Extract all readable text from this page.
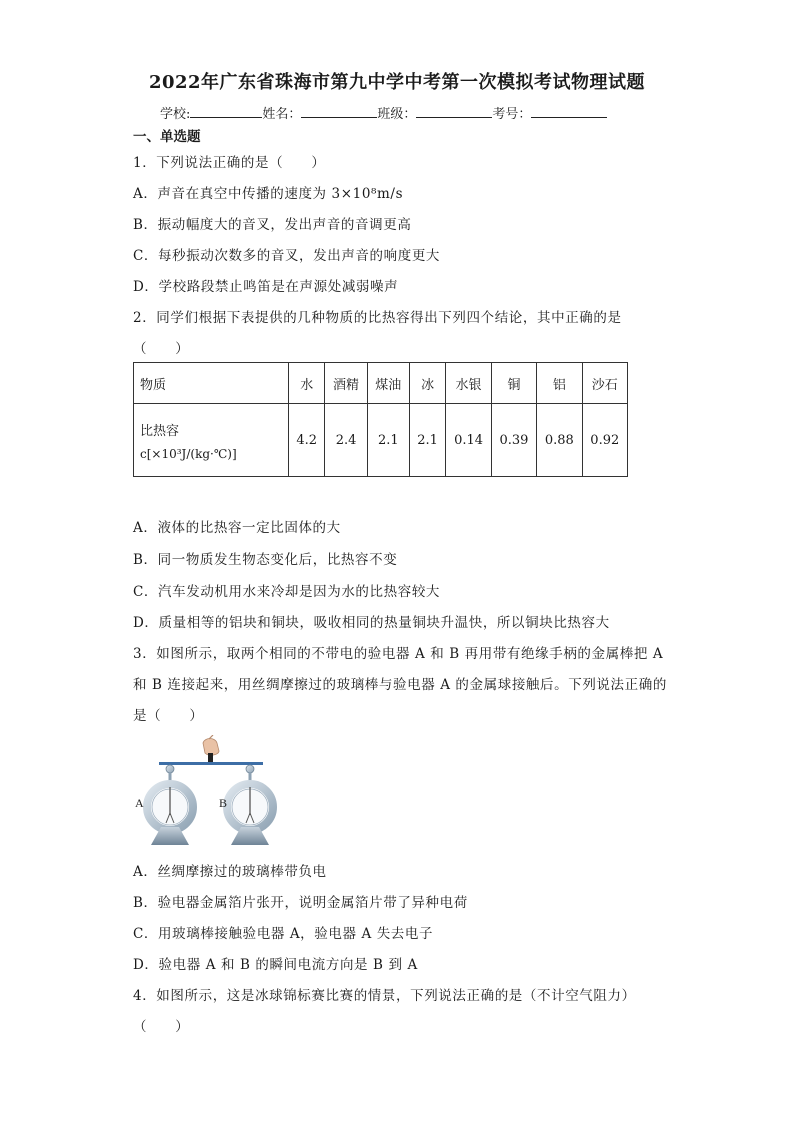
2022年广东省珠海市第九中学中考第一次模拟考试物理试题
学校:	姓名：	班级：	考号：
一、单选题
1．下列说法正确的是（　　）
A．声音在真空中传播的速度为 3×10⁸m/s
B．振动幅度大的音叉，发出声音的音调更高
C．每秒振动次数多的音叉，发出声音的响度更大
D．学校路段禁止鸣笛是在声源处减弱噪声
2．同学们根据下表提供的几种物质的比热容得出下列四个结论，其中正确的是
（　　）
物质	水	酒精	煤油	冰	水银	铜	铝	沙石

比热容
c[×10³J/(kg·℃)]	4.2	2.4	2.1	2.1	0.14	0.39	0.88	0.92
A．液体的比热容一定比固体的大
B．同一物质发生物态变化后，比热容不变
C．汽车发动机用水来冷却是因为水的比热容较大
D．质量相等的铝块和铜块，吸收相同的热量铜块升温快，所以铜块比热容大
3．如图所示，取两个相同的不带电的验电器 A 和 B 再用带有绝缘手柄的金属棒把 A
和 B 连接起来，用丝绸摩擦过的玻璃棒与验电器 A 的金属球接触后。下列说法正确的
是（　　）
A	B
A．丝绸摩擦过的玻璃棒带负电
B．验电器金属箔片张开，说明金属箔片带了异种电荷
C．用玻璃棒接触验电器 A，验电器 A 失去电子
D．验电器 A 和 B 的瞬间电流方向是 B 到 A
4．如图所示，这是冰球锦标赛比赛的情景，下列说法正确的是（不计空气阻力）
（　　）
